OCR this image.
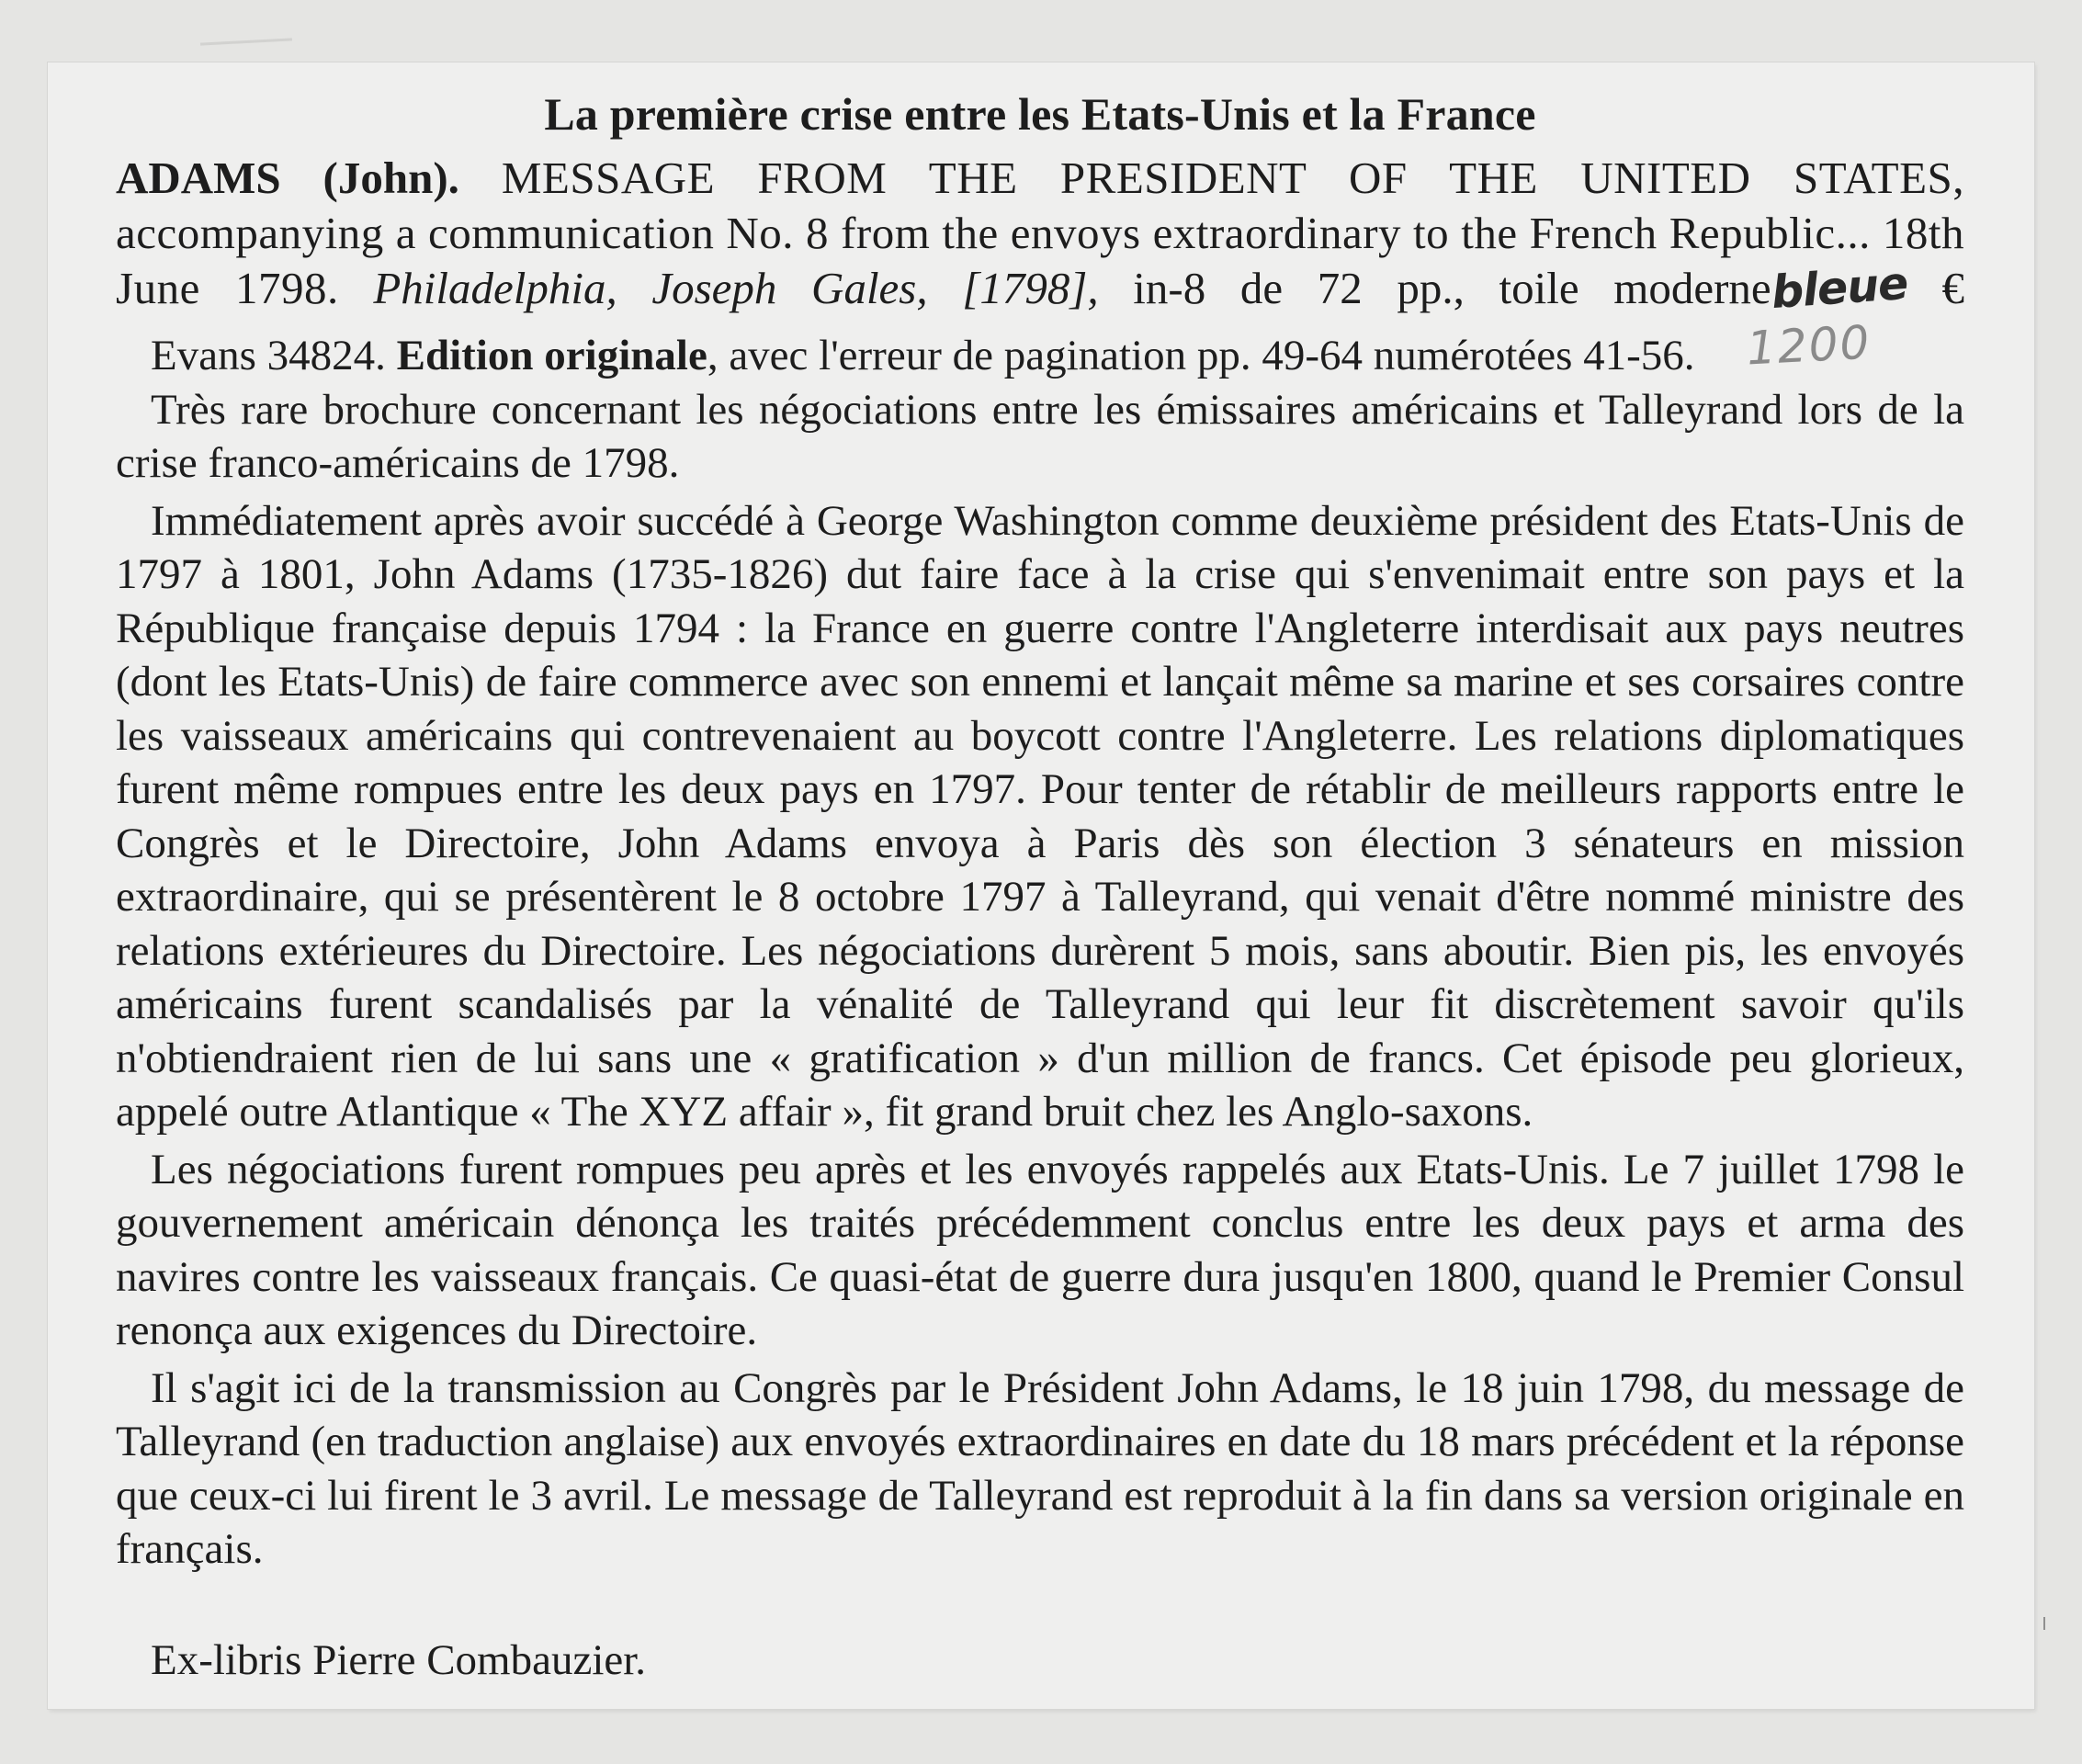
La première crise entre les Etats-Unis et la France
ADAMS (John). MESSAGE FROM THE PRESIDENT OF THE UNITED STATES, accompanying a communication No. 8 from the envoys extraordinary to the French Republic... 18th June 1798. Philadelphia, Joseph Gales, [1798], in-8 de 72 pp., toile modernebleue €

Evans 34824. Edition originale, avec l'erreur de pagination pp. 49-64 numérotées 41-56. 1200

Très rare brochure concernant les négociations entre les émissaires américains et Talleyrand lors de la crise franco-américains de 1798.

Immédiatement après avoir succédé à George Washington comme deuxième président des Etats-Unis de 1797 à 1801, John Adams (1735-1826) dut faire face à la crise qui s'envenimait entre son pays et la République française depuis 1794 : la France en guerre contre l'Angleterre interdisait aux pays neutres (dont les Etats-Unis) de faire commerce avec son ennemi et lançait même sa marine et ses corsaires contre les vaisseaux américains qui contrevenaient au boycott contre l'Angleterre. Les relations diplomatiques furent même rompues entre les deux pays en 1797. Pour tenter de rétablir de meilleurs rapports entre le Congrès et le Directoire, John Adams envoya à Paris dès son élection 3 sénateurs en mission extraordinaire, qui se présentèrent le 8 octobre 1797 à Talleyrand, qui venait d'être nommé ministre des relations extérieures du Directoire. Les négociations durèrent 5 mois, sans aboutir. Bien pis, les envoyés américains furent scandalisés par la vénalité de Talleyrand qui leur fit discrètement savoir qu'ils n'obtiendraient rien de lui sans une « gratification » d'un million de francs. Cet épisode peu glorieux, appelé outre Atlantique « The XYZ affair », fit grand bruit chez les Anglo-saxons.

Les négociations furent rompues peu après et les envoyés rappelés aux Etats-Unis. Le 7 juillet 1798 le gouvernement américain dénonça les traités précédemment conclus entre les deux pays et arma des navires contre les vaisseaux français. Ce quasi-état de guerre dura jusqu'en 1800, quand le Premier Consul renonça aux exigences du Directoire.

Il s'agit ici de la transmission au Congrès par le Président John Adams, le 18 juin 1798, du message de Talleyrand (en traduction anglaise) aux envoyés extraordinaires en date du 18 mars précédent et la réponse que ceux-ci lui firent le 3 avril. Le message de Talleyrand est reproduit à la fin dans sa version originale en français.

Ex-libris Pierre Combauzier.
